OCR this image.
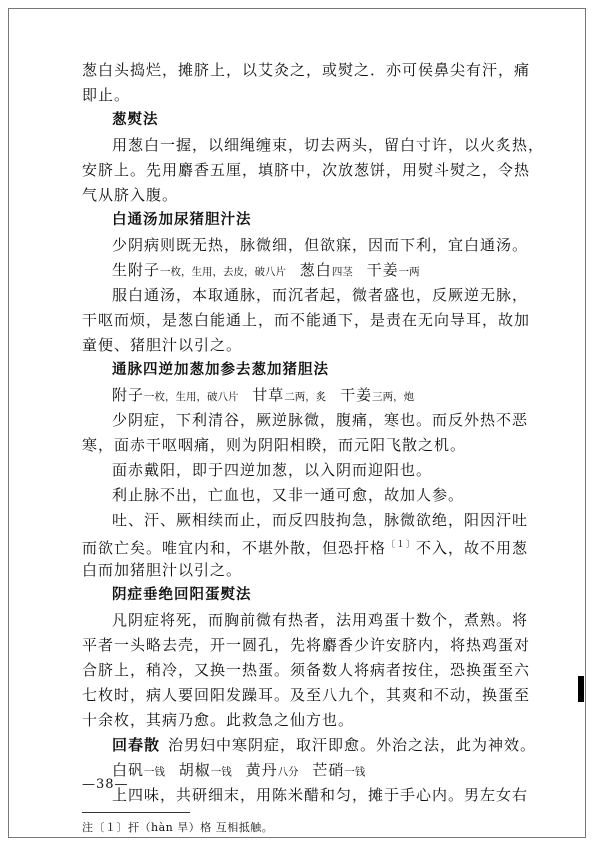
葱白头捣烂，摊脐上，以艾灸之，或熨之．亦可侯鼻尖有汗，痛
即止。
葱熨法
用葱白一握，以细绳缠束，切去两头，留白寸许，以火炙热，
安脐上。先用麝香五厘，填脐中，次放葱饼，用熨斗熨之，令热
气从脐入腹。
白通汤加尿猪胆汁法
少阴病则既无热，脉微细，但欲寐，因而下利，宜白通汤。
生附子一枚，生用，去皮，破八片 葱白四茎 干姜一两
服白通汤，本取通脉，而沉者起，微者盛也，反厥逆无脉，
干呕而烦，是葱白能通上，而不能通下，是责在无向导耳，故加
童便、猪胆汁以引之。
通脉四逆加葱加参去葱加猪胆法
附子一枚，生用，破八片 甘草二两，炙 干姜三两，炮
少阴症，下利清谷，厥逆脉微，腹痛，寒也。而反外热不恶
寒，面赤干呕咽痛，则为阴阳相睽，而元阳飞散之机。
面赤戴阳，即于四逆加葱，以入阴而迎阳也。
利止脉不出，亡血也，又非一通可愈，故加人参。
吐、汗、厥相续而止，而反四肢拘急，脉微欲绝，阳因汗吐
而欲亡矣。唯宜内和，不堪外散，但恐扞格$^{〔1〕}$不入，故不用葱
白而加猪胆汁以引之。
阴症垂绝回阳蛋熨法
凡阴症将死，而胸前微有热者，法用鸡蛋十数个，煮熟。将
平者一头略去壳，开一圆孔，先将麝香少许安脐内，将热鸡蛋对
合脐上，稍冷，又换一热蛋。须备数人将病者按住，恐换蛋至六
七枚时，病人要回阳发躁耳。及至八九个，其爽和不动，换蛋至
十余枚，其病乃愈。此救急之仙方也。
回春散 治男妇中寒阴症，取汗即愈。外治之法，此为神效。
白矾一钱 胡椒一钱 黄丹八分 芒硝一钱
上四味，共研细末，用陈米醋和匀，摊于手心内。男左女右
注〔１〕扞（hàn 旱）格 互相抵触。
—38—
